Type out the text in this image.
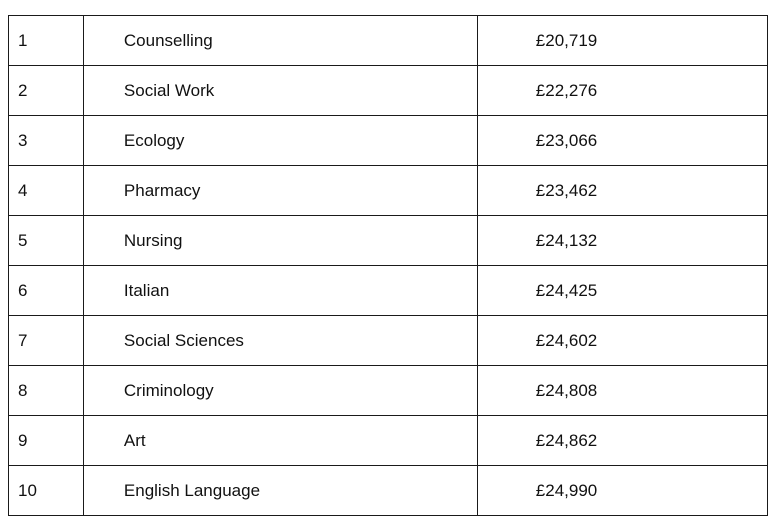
1	Counselling	£20,719
2	Social Work	£22,276
3	Ecology	£23,066
4	Pharmacy	£23,462
5	Nursing	£24,132
6	Italian	£24,425
7	Social Sciences	£24,602
8	Criminology	£24,808
9	Art	£24,862
10	English Language	£24,990
